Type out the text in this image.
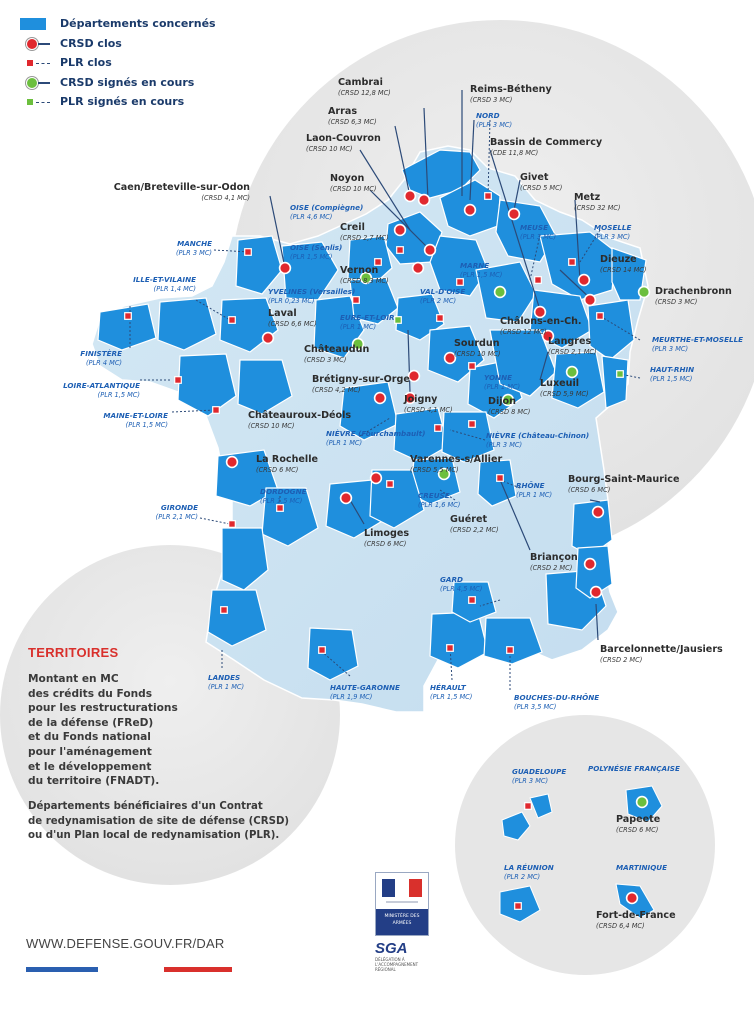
Cambrai
(CRSD 12,8 MC)	Reims-Bétheny
(CRSD 3 MC)
Arras
(CRSD 6,3 MC)
NORD
(PLR 3 MC)
Bassin de Commercy
(CDE 11,8 MC)
Laon-Couvron
(CRSD 10 MC)
Givet
(CRSD 5 MC)
Noyon
(CRSD 10 MC)
Metz
(CRSD 32 MC)
Caen/Breteville-sur-Odon
(CRSD 4,1 MC)
OISE (Compiègne)
(PLR 4,6 MC)
MEUSE
(PLR 3 MC)
MOSELLE
(PLR 3 MC)
Creil
(CRSD 2,7 MC)
OISE (Senlis)
(PLR 1,5 MC)
MANCHE
(PLR 3 MC)
Dieuze
(CRSD 14 MC)
ILLE-ET-VILAINE
(PLR 1,4 MC)
Vernon
(CRSD 8,3 MC)
MARNE
(PLR 1,5 MC)
Drachenbronn
(CRSD 3 MC)
YVELINES (Versailles)
(PLR 0,23 MC)
VAL-D'OISE
(PLR 2 MC)
Laval
(CRSD 6,6 MC)
EURE-ET-LOIR
(PLR 1 MC)	Châlons-en-Ch.
(CRSD 12 MC)
MEURTHE-ET-MOSELLE
(PLR 3 MC)
FINISTÈRE
(PLR 4 MC)
Châteaudun
(CRSD 3 MC)
Sourdun
(CRSD 10 MC)
Langres
(CRSD 2,1 MC)
HAUT-RHIN
(PLR 1,5 MC)
Brétigny-sur-Orge
(CRSD 4,2 MC)
YONNE
(PLR 1 MC) Luxeuil
(CRSD 5,9 MC)
LOIRE-ATLANTIQUE
(PLR 1,5 MC)	Joigny
(CRSD 4,1 MC)
Dijon
(CRSD 8 MC)
MAINE-ET-LOIRE
(PLR 1,5 MC)
Châteauroux-Déols
(CRSD 10 MC)
NIÈVRE (Fourchambault)
(PLR 1 MC)
NIÈVRE (Château-Chinon)
(PLR 3 MC)
La Rochelle
(CRSD 6 MC)
Varennes-s/Allier
(CRSD 5,5 MC)
DORDOGNE
(PLR 1,5 MC)
RHÔNE
(PLR 1 MC)
Bourg-Saint-Maurice
(CRSD 6 MC)
CREUSE
(PLR 1,6 MC)
GIRONDE
(PLR 2,1 MC)	Guéret
(CRSD 2,2 MC)
Limoges
(CRSD 6 MC)
Briançon
(CRSD 2 MC)
GARD
(PLR 4,5 MC)
Barcelonnette/Jausiers
(CRSD 2 MC)
HAUTE-GARONNE
(PLR 1,9 MC)
LANDES
(PLR 1 MC)	HÉRAULT
(PLR 1,5 MC)	BOUCHES-DU-RHÔNE
(PLR 3,5 MC)
GUADELOUPE
(PLR 3 MC)
POLYNÉSIE FRANÇAISE
Papeete
(CRSD 6 MC)
LA RÉUNION
(PLR 2 MC)
MARTINIQUE
Fort-de-France
(CRSD 6,4 MC)
Départements concernés
CRSD clos
PLR clos
CRSD signés en cours
PLR signés en cours
TERRITOIRES
Montant en MC
des crédits du Fonds
pour les restructurations
de la défense (FReD)
et du Fonds national
pour l'aménagement
et le développement
du territoire (FNADT).
Départements bénéficiaires d'un Contrat
de redynamisation de site de défense (CRSD)
ou d'un Plan local de redynamisation (PLR).
WWW.DEFENSE.GOUV.FR/DAR
MINISTÈRE DES ARMÉES
SGA
DÉLÉGATION À L'ACCOMPAGNEMENT RÉGIONAL
